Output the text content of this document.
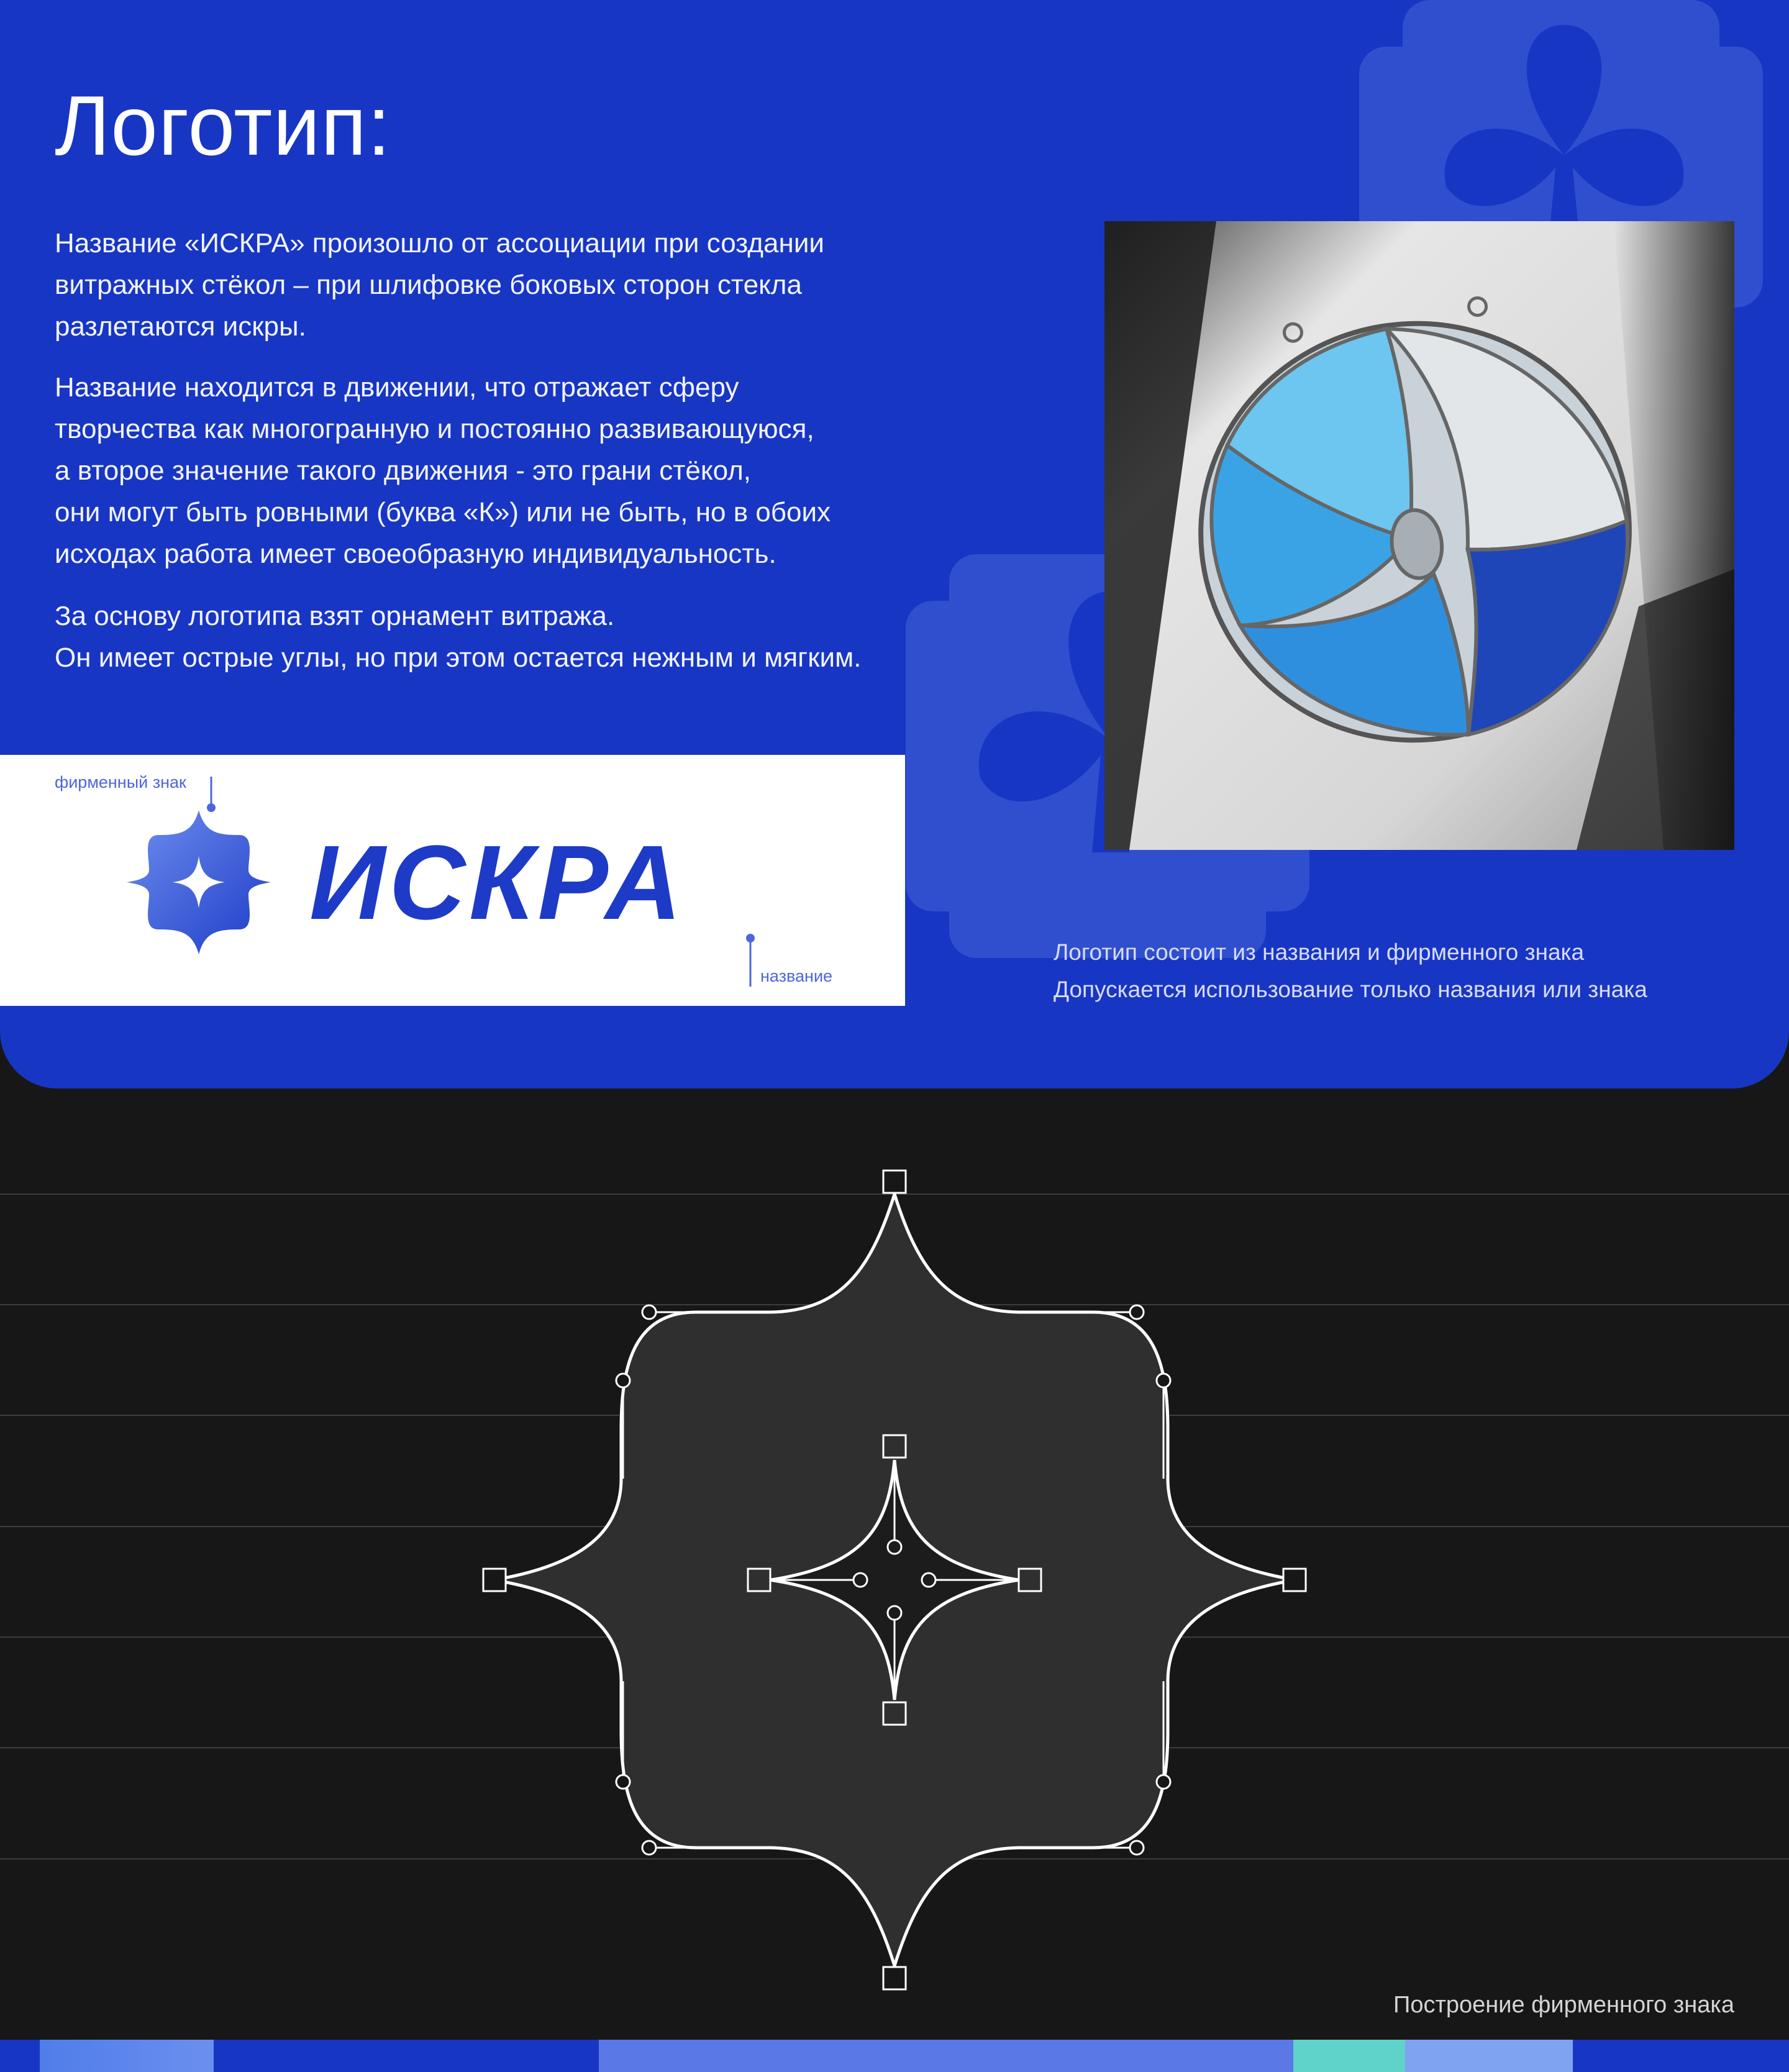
Логотип:

Название «ИСКРА» произошло от ассоциации при создании
витражных стёкол – при шлифовке боковых сторон стекла
разлетаются искры.

Название находится в движении, что отражает сферу
творчества как многогранную и постоянно развивающуюся,
а второе значение такого движения - это грани стёкол,
они могут быть ровными (буква «К») или не быть, но в обоих
исходах работа имеет своеобразную индивидуальность.

За основу логотипа взят орнамент витража.
Он имеет острые углы, но при этом остается нежным и мягким.

фирменный знак
ИСКРА
название
Логотип состоит из названия и фирменного знака
Допускается использование только названия или знака
Построение фирменного знака
